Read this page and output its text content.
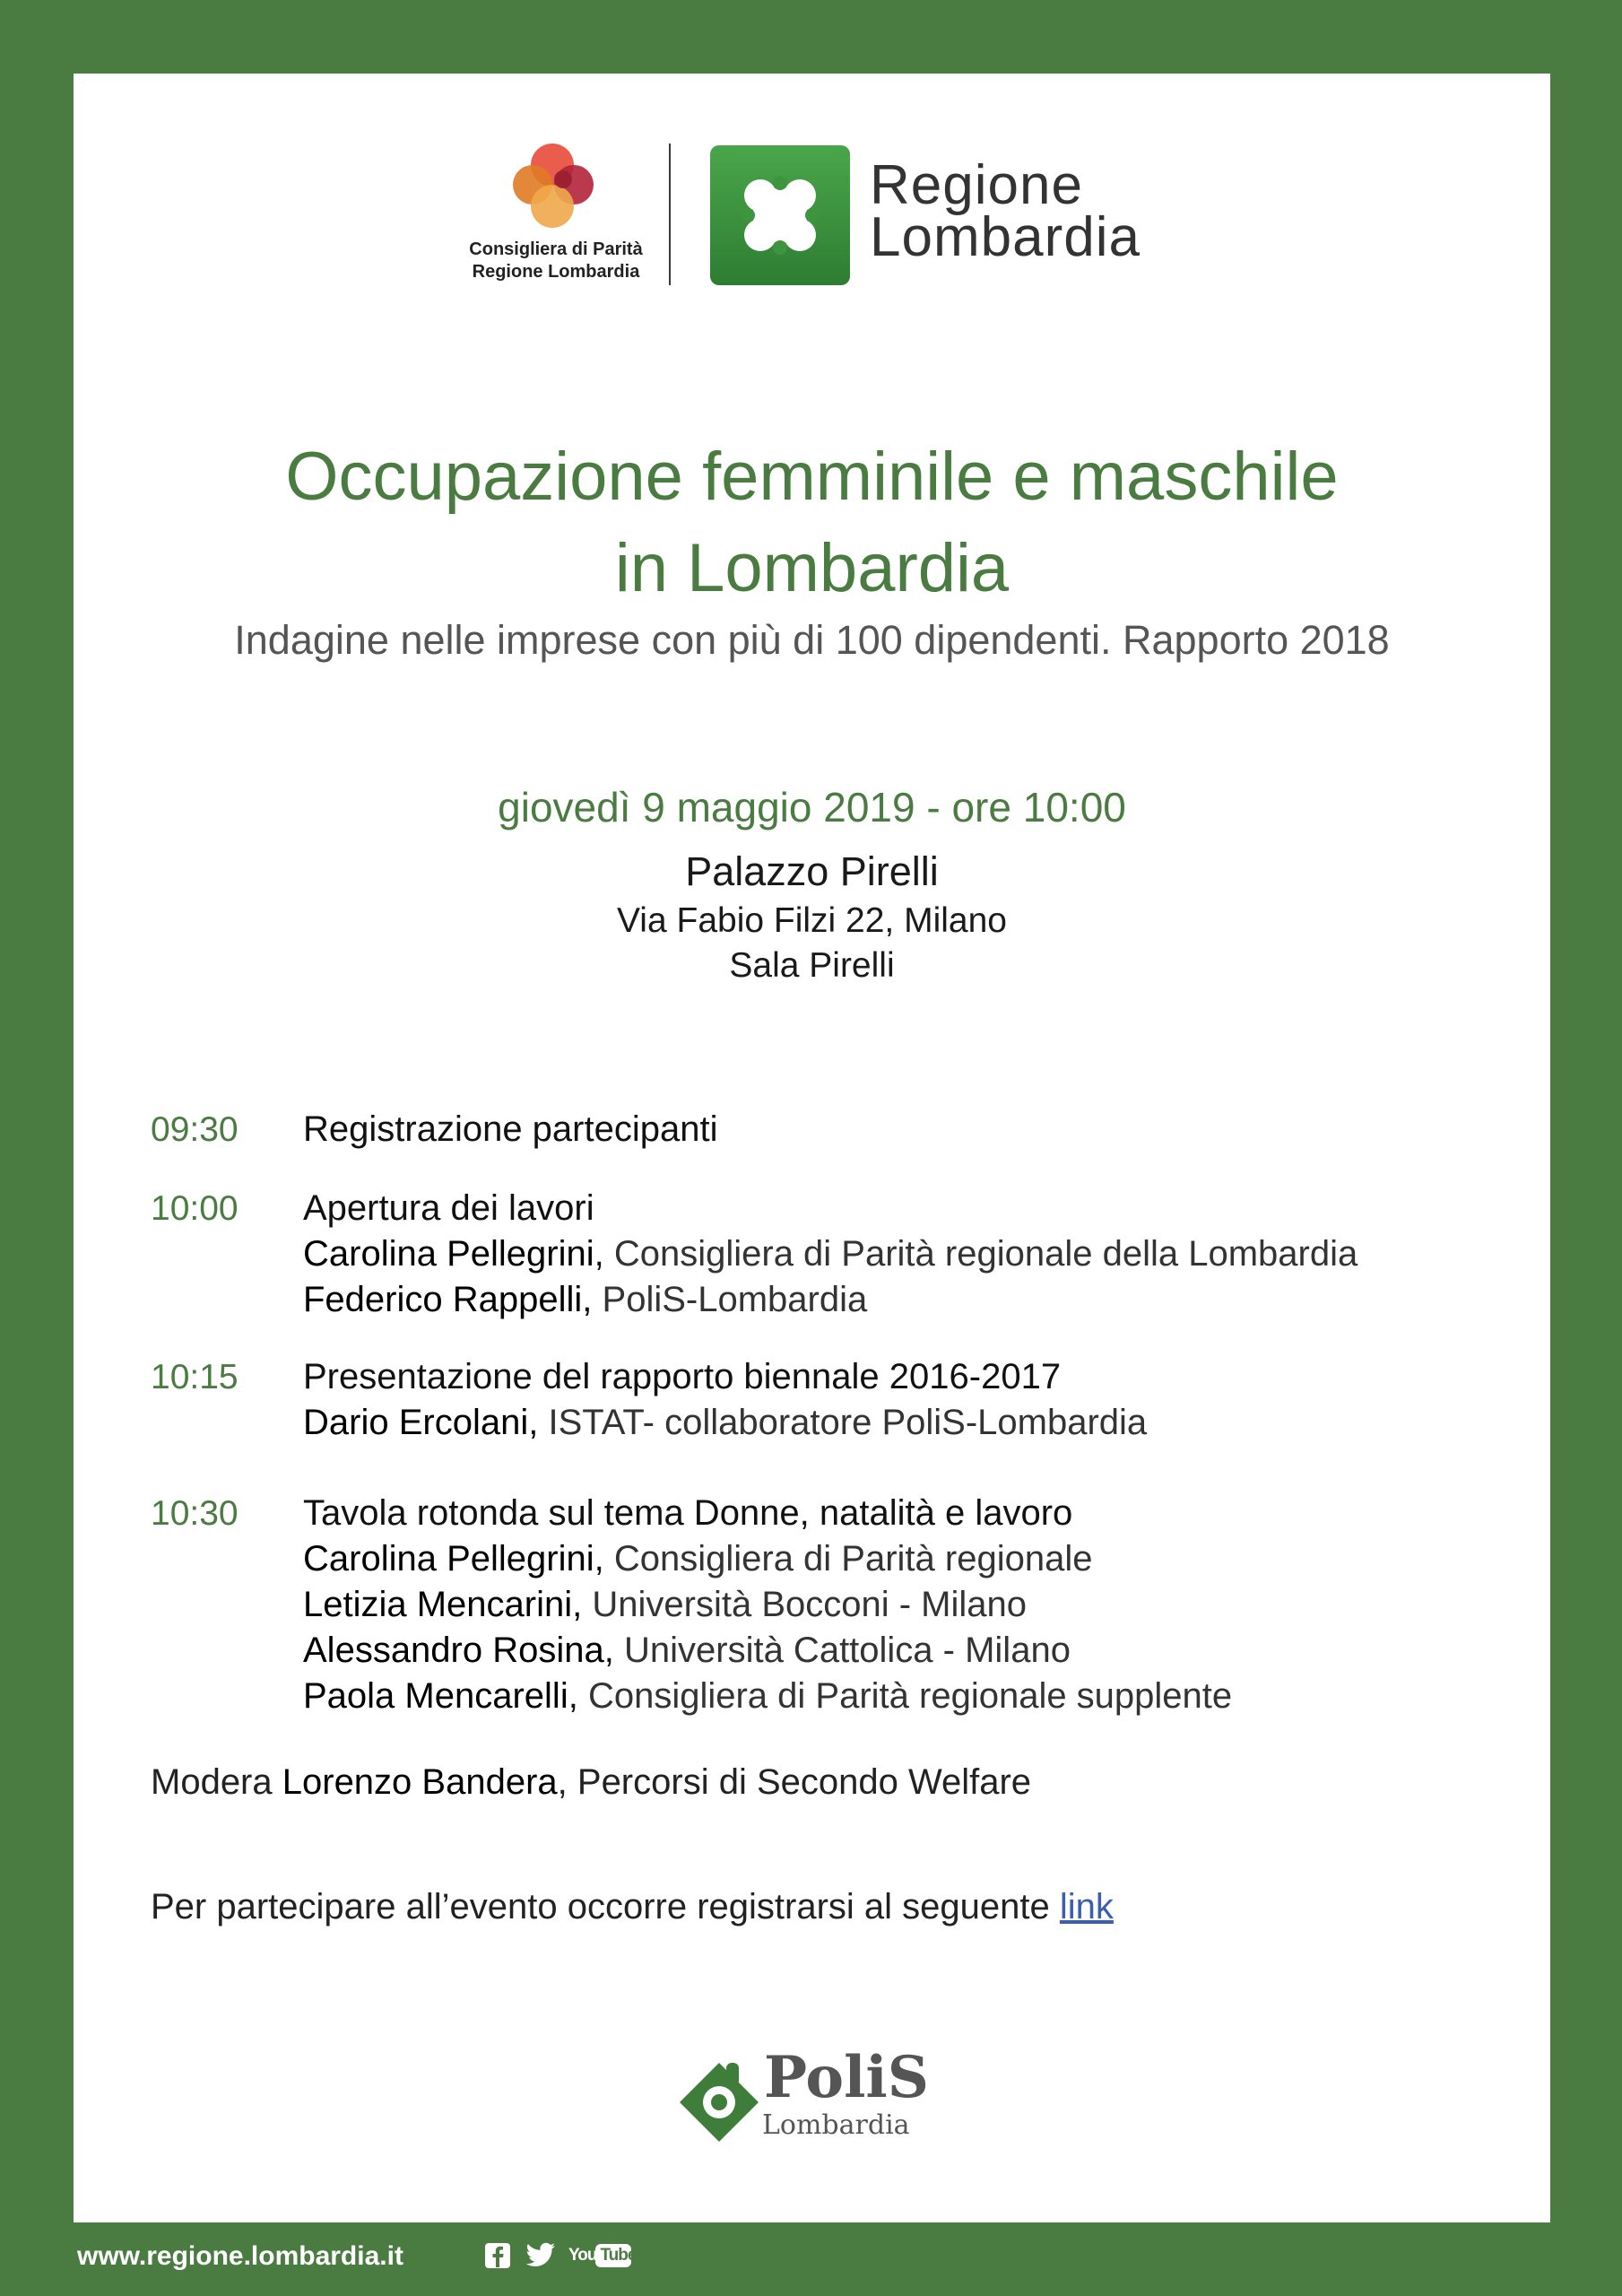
Consigliera di Parità
Regione Lombardia
Regione
Lombardia
Occupazione femminile e maschile
in Lombardia
Indagine nelle imprese con più di 100 dipendenti. Rapporto 2018
giovedì 9 maggio 2019 - ore 10:00
Palazzo Pirelli
Via Fabio Filzi 22, Milano
Sala Pirelli
09:30 Registrazione partecipanti
10:00 Apertura dei lavori
Carolina Pellegrini, Consigliera di Parità regionale della Lombardia
Federico Rappelli, PoliS-Lombardia
10:15 Presentazione del rapporto biennale 2016-2017
Dario Ercolani, ISTAT- collaboratore PoliS-Lombardia
10:30 Tavola rotonda sul tema Donne, natalità e lavoro
Carolina Pellegrini, Consigliera di Parità regionale
Letizia Mencarini, Università Bocconi - Milano
Alessandro Rosina, Università Cattolica - Milano
Paola Mencarelli, Consigliera di Parità regionale supplente
Modera Lorenzo Bandera, Percorsi di Secondo Welfare
Per partecipare all’evento occorre registrarsi al seguente link
PoliS
Lombardia
www.regione.lombardia.it	You Tube
